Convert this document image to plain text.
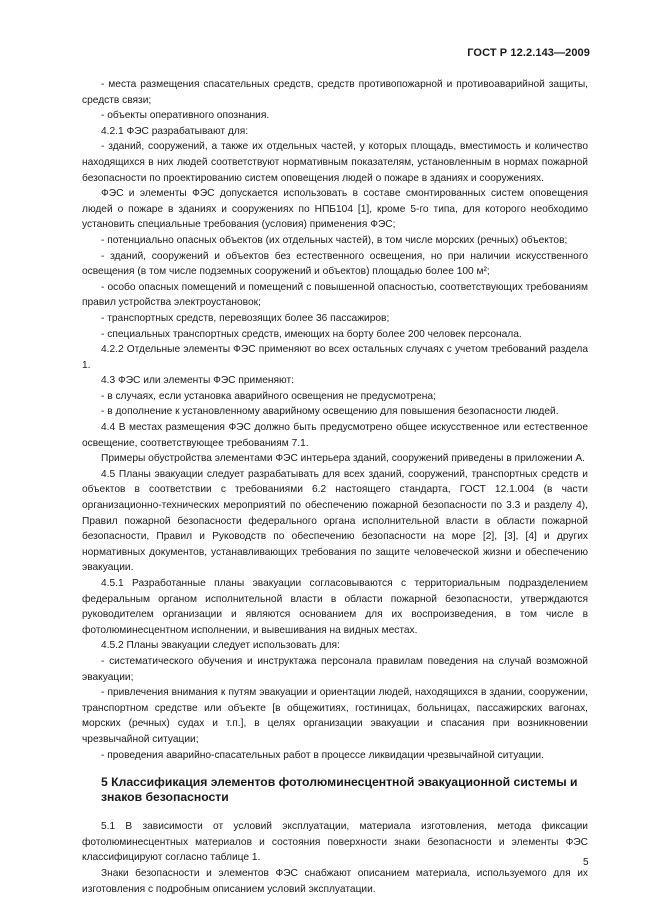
ГОСТ Р 12.2.143—2009

- места размещения спасательных средств, средств противопожарной и противоаварийной защиты, средств связи;

- объекты оперативного опознания.

4.2.1 ФЭС разрабатывают для:

- зданий, сооружений, а также их отдельных частей, у которых площадь, вместимость и количество находящихся в них людей соответствуют нормативным показателям, установленным в нормах пожарной безопасности по проектированию систем оповещения людей о пожаре в зданиях и сооружениях.

ФЭС и элементы ФЭС допускается использовать в составе смонтированных систем оповещения людей о пожаре в зданиях и сооружениях по НПБ104 [1], кроме 5-го типа, для которого необходимо установить специальные требования (условия) применения ФЭС;

- потенциально опасных объектов (их отдельных частей), в том числе морских (речных) объектов;

- зданий, сооружений и объектов без естественного освещения, но при наличии искусственного освещения (в том числе подземных сооружений и объектов) площадью более 100 м²;

- особо опасных помещений и помещений с повышенной опасностью, соответствующих требованиям правил устройства электроустановок;

- транспортных средств, перевозящих более 36 пассажиров;

- специальных транспортных средств, имеющих на борту более 200 человек персонала.

4.2.2 Отдельные элементы ФЭС применяют во всех остальных случаях с учетом требований раздела 1.

4.3 ФЭС или элементы ФЭС применяют:

- в случаях, если установка аварийного освещения не предусмотрена;

- в дополнение к установленному аварийному освещению для повышения безопасности людей.

4.4 В местах размещения ФЭС должно быть предусмотрено общее искусственное или естественное освещение, соответствующее требованиям 7.1.

Примеры обустройства элементами ФЭС интерьера зданий, сооружений приведены в приложении А.

4.5 Планы эвакуации следует разрабатывать для всех зданий, сооружений, транспортных средств и объектов в соответствии с требованиями 6.2 настоящего стандарта, ГОСТ 12.1.004 (в части организационно-технических мероприятий по обеспечению пожарной безопасности по 3.3 и разделу 4), Правил пожарной безопасности федерального органа исполнительной власти в области пожарной безопасности, Правил и Руководств по обеспечению безопасности на море [2], [3], [4] и других нормативных документов, устанавливающих требования по защите человеческой жизни и обеспечению эвакуации.

4.5.1 Разработанные планы эвакуации согласовываются с территориальным подразделением федеральным органом исполнительной власти в области пожарной безопасности, утверждаются руководителем организации и являются основанием для их воспроизведения, в том числе в фотолюминесцентном исполнении, и вывешивания на видных местах.

4.5.2 Планы эвакуации следует использовать для:

- систематического обучения и инструктажа персонала правилам поведения на случай возможной эвакуации;

- привлечения внимания к путям эвакуации и ориентации людей, находящихся в здании, сооружении, транспортном средстве или объекте [в общежитиях, гостиницах, больницах, пассажирских вагонах, морских (речных) судах и т.п.], в целях организации эвакуации и спасания при возникновении чрезвычайной ситуации;

- проведения аварийно-спасательных работ в процессе ликвидации чрезвычайной ситуации.

5 Классификация элементов фотолюминесцентной эвакуационной системы и знаков безопасности

5.1 В зависимости от условий эксплуатации, материала изготовления, метода фиксации фотолюминесцентных материалов и состояния поверхности знаки безопасности и элементы ФЭС классифицируют согласно таблице 1.

Знаки безопасности и элементов ФЭС снабжают описанием материала, используемого для их изготовления с подробным описанием условий эксплуатации.

5
